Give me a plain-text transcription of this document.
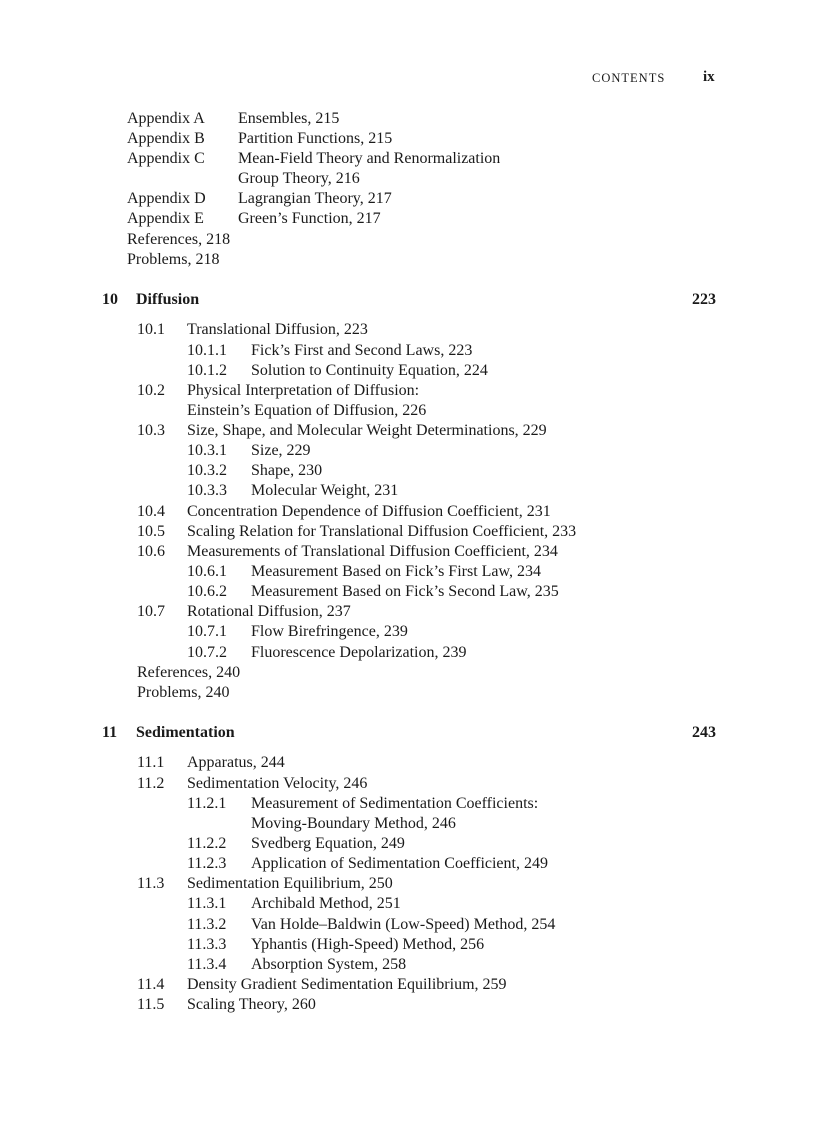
CONTENTS	ix
Appendix A Ensembles, 215
Appendix B Partition Functions, 215
Appendix C Mean-Field Theory and Renormalization
Group Theory, 216
Appendix D Lagrangian Theory, 217
Appendix E Green’s Function, 217
References, 218
Problems, 218
10 Diffusion	223
10.1 Translational Diffusion, 223
10.1.1 Fick’s First and Second Laws, 223
10.1.2 Solution to Continuity Equation, 224
10.2 Physical Interpretation of Diffusion:
Einstein’s Equation of Diffusion, 226
10.3 Size, Shape, and Molecular Weight Determinations, 229
10.3.1 Size, 229
10.3.2 Shape, 230
10.3.3 Molecular Weight, 231
10.4 Concentration Dependence of Diffusion Coefficient, 231
10.5 Scaling Relation for Translational Diffusion Coefficient, 233
10.6 Measurements of Translational Diffusion Coefficient, 234
10.6.1 Measurement Based on Fick’s First Law, 234
10.6.2 Measurement Based on Fick’s Second Law, 235
10.7 Rotational Diffusion, 237
10.7.1 Flow Birefringence, 239
10.7.2 Fluorescence Depolarization, 239
References, 240
Problems, 240
11 Sedimentation	243
11.1 Apparatus, 244
11.2 Sedimentation Velocity, 246
11.2.1 Measurement of Sedimentation Coefficients:
Moving-Boundary Method, 246
11.2.2 Svedberg Equation, 249
11.2.3 Application of Sedimentation Coefficient, 249
11.3 Sedimentation Equilibrium, 250
11.3.1 Archibald Method, 251
11.3.2 Van Holde–Baldwin (Low-Speed) Method, 254
11.3.3 Yphantis (High-Speed) Method, 256
11.3.4 Absorption System, 258
11.4 Density Gradient Sedimentation Equilibrium, 259
11.5 Scaling Theory, 260
